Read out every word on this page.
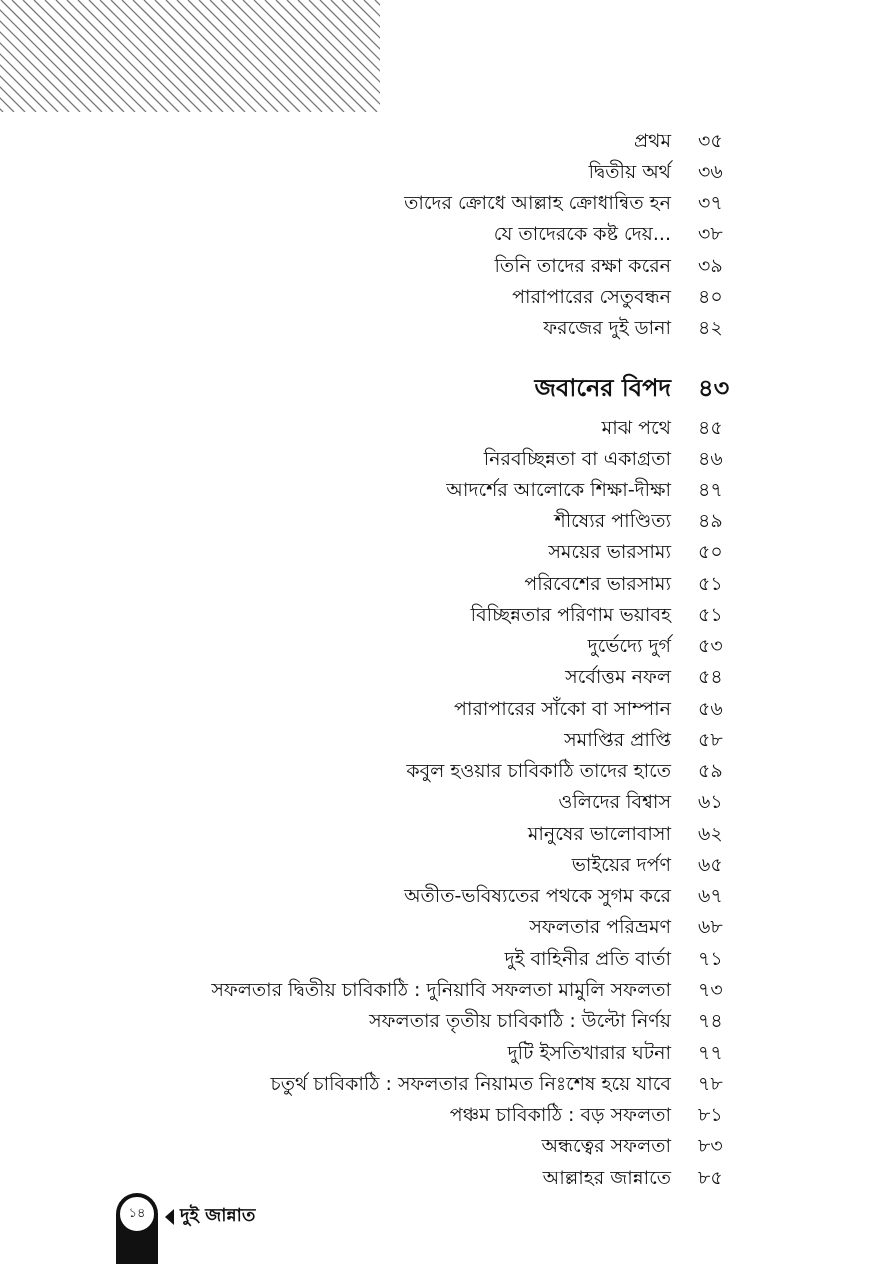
প্রথম ৩৫
দ্বিতীয় অর্থ ৩৬
তাদের ক্রোধে আল্লাহ ক্রোধান্বিত হন ৩৭
যে তাদেরকে কষ্ট দেয়... ৩৮
তিনি তাদের রক্ষা করেন ৩৯
পারাপারের সেতুবন্ধন ৪০
ফরজের দুই ডানা ৪২
জবানের বিপদ ৪৩
মাঝ পথে ৪৫
নিরবচ্ছিন্নতা বা একাগ্রতা ৪৬
আদর্শের আলোকে শিক্ষা-দীক্ষা ৪৭
শীষ্যের পাণ্ডিত্য ৪৯
সময়ের ভারসাম্য ৫০
পরিবেশের ভারসাম্য ৫১
বিচ্ছিন্নতার পরিণাম ভয়াবহ ৫১
দুর্ভেদ্যে দুর্গ ৫৩
সর্বোত্তম নফল ৫৪
পারাপারের সাঁকো বা সাম্পান ৫৬
সমাপ্তির প্রাপ্তি ৫৮
কবুল হওয়ার চাবিকাঠি তাদের হাতে ৫৯
ওলিদের বিশ্বাস ৬১
মানুষের ভালোবাসা ৬২
ভাইয়ের দর্পণ ৬৫
অতীত-ভবিষ্যতের পথকে সুগম করে ৬৭
সফলতার পরিভ্রমণ ৬৮
দুই বাহিনীর প্রতি বার্তা ৭১
সফলতার দ্বিতীয় চাবিকাঠি : দুনিয়াবি সফলতা মামুলি সফলতা ৭৩
সফলতার তৃতীয় চাবিকাঠি : উল্টো নির্ণয় ৭৪
দুটি ইসতিখারার ঘটনা ৭৭
চতুর্থ চাবিকাঠি : সফলতার নিয়ামত নিঃশেষ হয়ে যাবে ৭৮
পঞ্চম চাবিকাঠি : বড় সফলতা ৮১
অন্ধত্বের সফলতা ৮৩
আল্লাহর জান্নাতে ৮৫
১৪	দুই জান্নাত
